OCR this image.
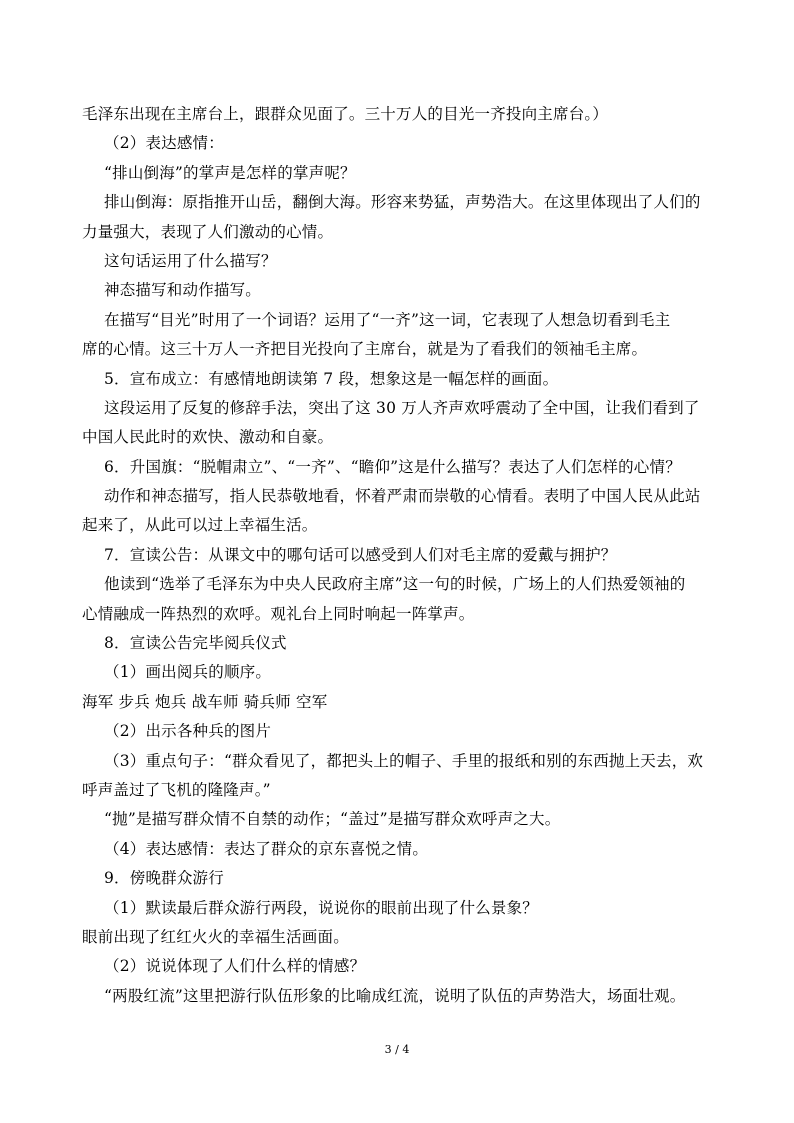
毛泽东出现在主席台上，跟群众见面了。三十万人的目光一齐投向主席台。）
（2）表达感情：
“排山倒海”的掌声是怎样的掌声呢？
排山倒海：原指推开山岳，翻倒大海。形容来势猛，声势浩大。在这里体现出了人们的
力量强大，表现了人们激动的心情。
这句话运用了什么描写？
神态描写和动作描写。
在描写“目光”时用了一个词语？运用了“一齐”这一词，它表现了人想急切看到毛主
席的心情。这三十万人一齐把目光投向了主席台，就是为了看我们的领袖毛主席。
5．宣布成立：有感情地朗读第 7 段，想象这是一幅怎样的画面。
这段运用了反复的修辞手法，突出了这 30 万人齐声欢呼震动了全中国，让我们看到了
中国人民此时的欢快、激动和自豪。
6．升国旗：“脱帽肃立”、“一齐”、“瞻仰”这是什么描写？表达了人们怎样的心情？
动作和神态描写，指人民恭敬地看，怀着严肃而崇敬的心情看。表明了中国人民从此站
起来了，从此可以过上幸福生活。
7．宣读公告：从课文中的哪句话可以感受到人们对毛主席的爱戴与拥护？
他读到“选举了毛泽东为中央人民政府主席”这一句的时候，广场上的人们热爱领袖的
心情融成一阵热烈的欢呼。观礼台上同时响起一阵掌声。
8．宣读公告完毕阅兵仪式
（1）画出阅兵的顺序。
海军 步兵 炮兵 战车师 骑兵师 空军
（2）出示各种兵的图片
（3）重点句子：“群众看见了，都把头上的帽子、手里的报纸和别的东西抛上天去，欢
呼声盖过了飞机的隆隆声。”
“抛”是描写群众情不自禁的动作；“盖过”是描写群众欢呼声之大。
（4）表达感情：表达了群众的京东喜悦之情。
9．傍晚群众游行
（1）默读最后群众游行两段，说说你的眼前出现了什么景象？
眼前出现了红红火火的幸福生活画面。
（2）说说体现了人们什么样的情感？
“两股红流”这里把游行队伍形象的比喻成红流，说明了队伍的声势浩大，场面壮观。
3 / 4
